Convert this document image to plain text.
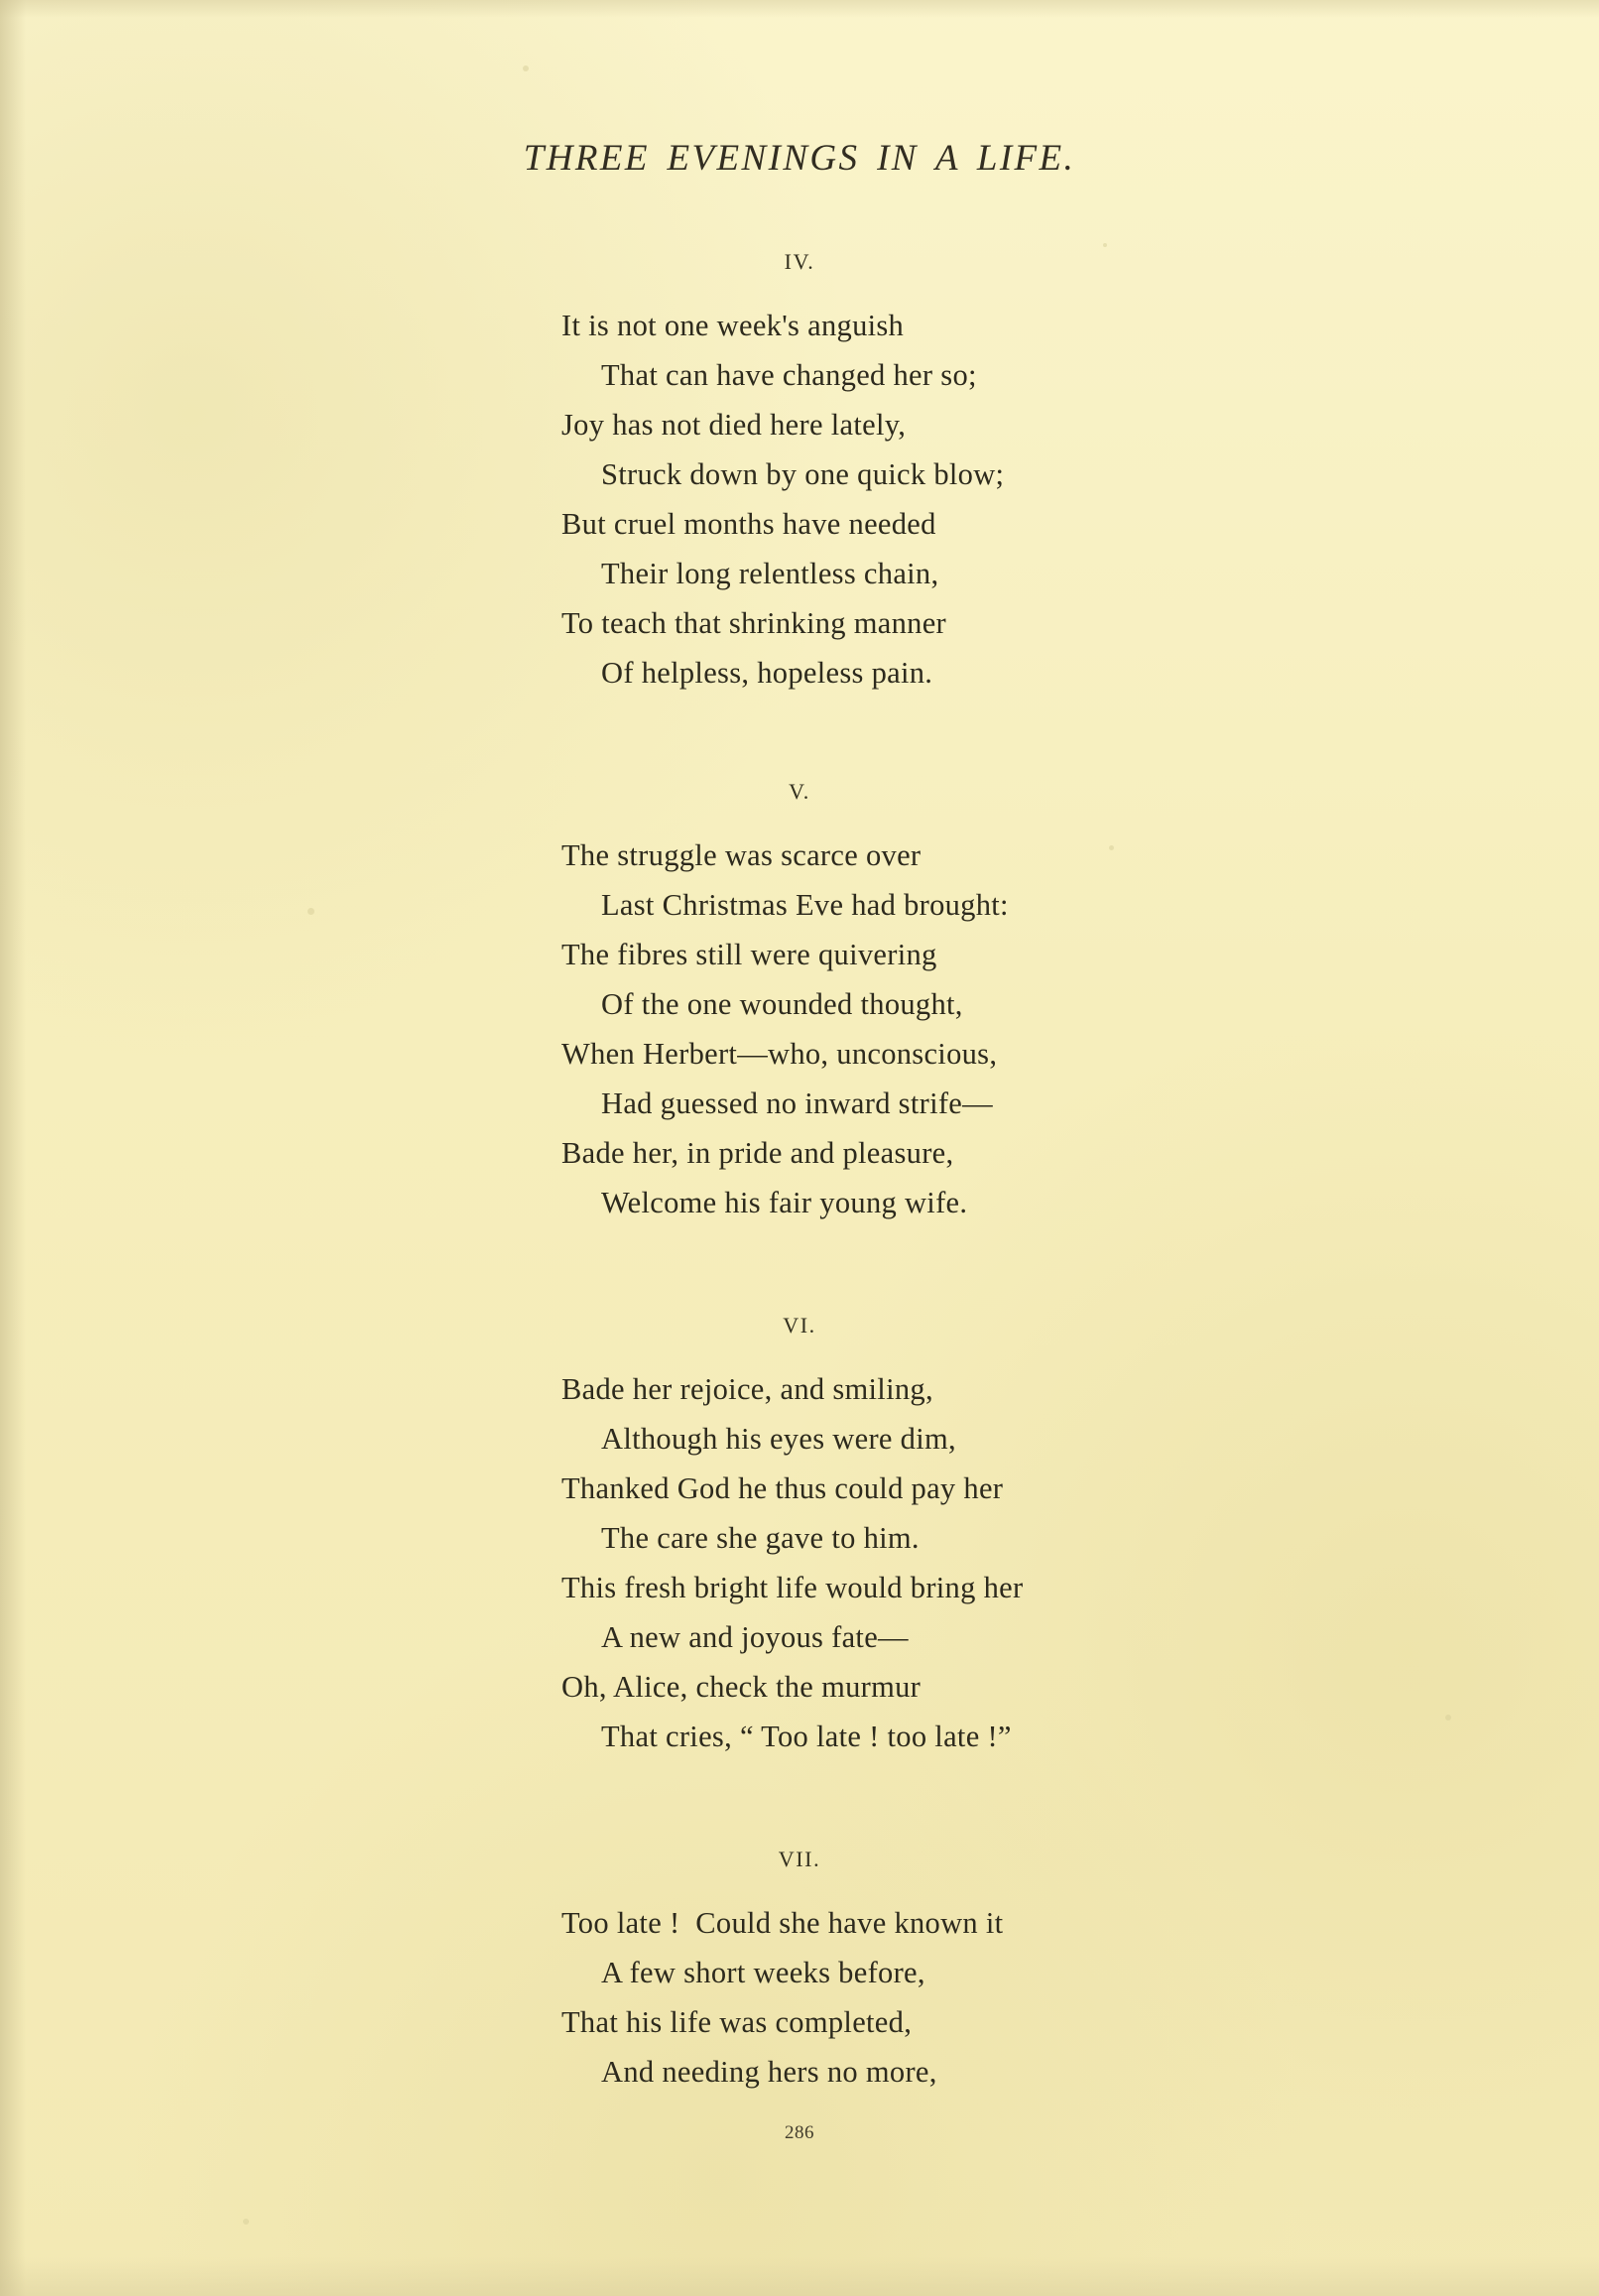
THREE EVENINGS IN A LIFE.
IV.
It is not one week's anguish
That can have changed her so;
Joy has not died here lately,
Struck down by one quick blow;
But cruel months have needed
Their long relentless chain,
To teach that shrinking manner
Of helpless, hopeless pain.
V.
The struggle was scarce over
Last Christmas Eve had brought:
The fibres still were quivering
Of the one wounded thought,
When Herbert—who, unconscious,
Had guessed no inward strife—
Bade her, in pride and pleasure,
Welcome his fair young wife.
VI.
Bade her rejoice, and smiling,
Although his eyes were dim,
Thanked God he thus could pay her
The care she gave to him.
This fresh bright life would bring her
A new and joyous fate—
Oh, Alice, check the murmur
That cries, “ Too late ! too late !”
VII.
Too late !  Could she have known it
A few short weeks before,
That his life was completed,
And needing hers no more,
286
